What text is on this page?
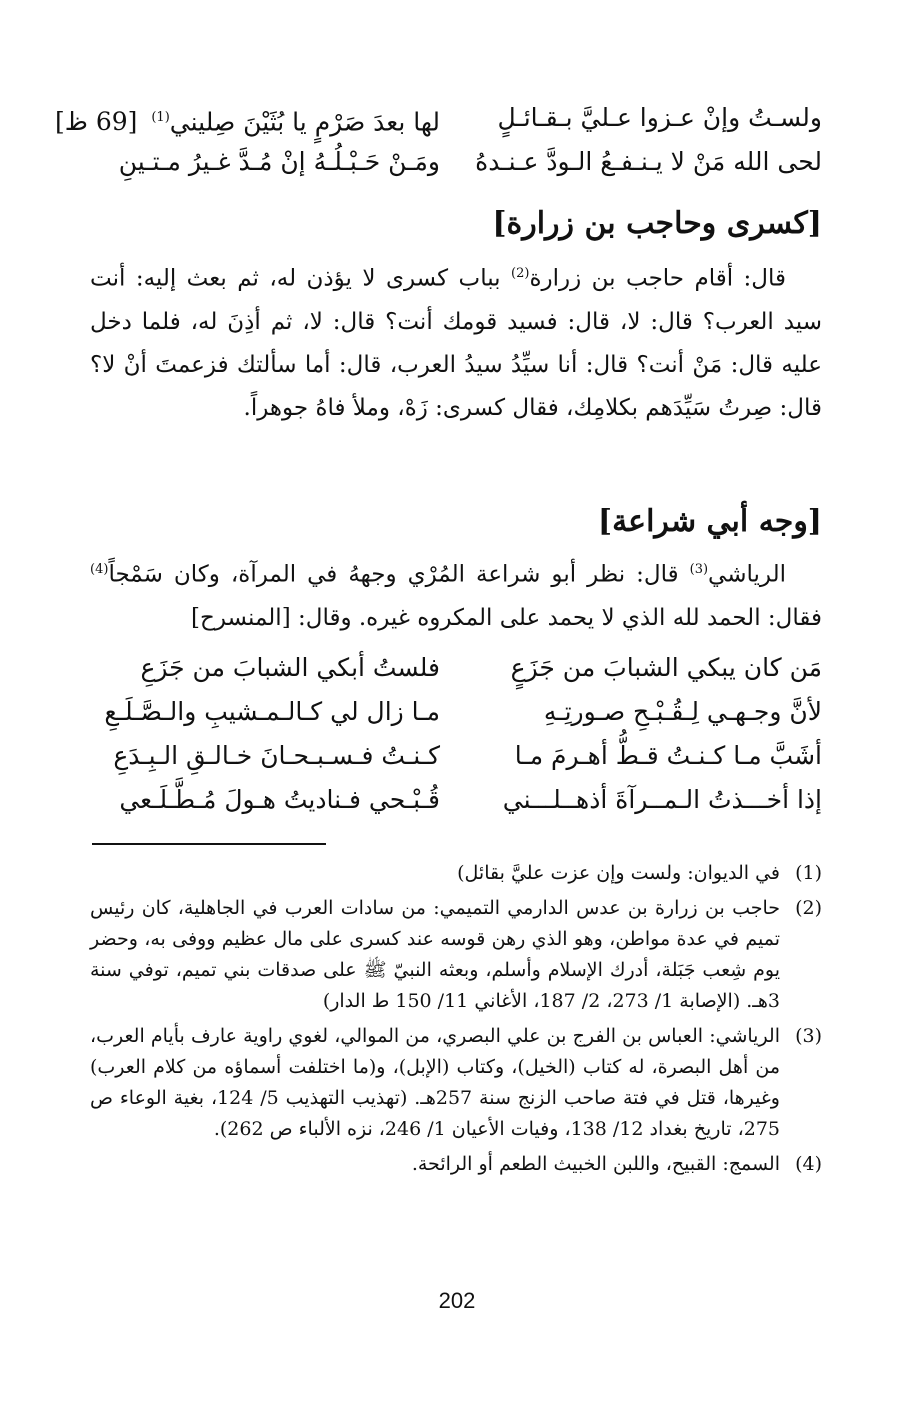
ولسـتُ وإنْ عـزوا عـليَّ بـقـائـلٍ
لها بعدَ صَرْمٍ يا بُثَيْنَ صِليني$^{(1)}$ [69 ظ]
لحى الله مَنْ لا يـنـفـعُ الـودَّ عـنـدهُ
ومَـنْ حَـبْـلُـهُ إنْ مُـدَّ غـيرُ مـتـينِ
[كسرى وحاجب بن زرارة]

قال: أقام حاجب بن زرارة$^{(2)}$ بباب كسرى لا يؤذن له، ثم بعث إليه: أنت سيد العرب؟ قال: لا، قال: فسيد قومك أنت؟ قال: لا، ثم أذِنَ له، فلما دخل عليه قال: مَنْ أنت؟ قال: أنا سيِّدُ سيدُ العرب، قال: أما سألتك فزعمتَ أنْ لا؟ قال: صِرتُ سَيِّدَهم بكلامِك، فقال كسرى: زَهْ، وملأ فاهُ جوهراً.

[وجه أبي شراعة]

الرياشي$^{(3)}$ قال: نظر أبو شراعة المُرْي وجههُ في المرآة، وكان سَمْجاً$^{(4)}$ فقال: الحمد لله الذي لا يحمد على المكروه غيره. وقال: [المنسرح]

مَن كان يبكي الشبابَ من جَزَعٍ
فلستُ أبكي الشبابَ من جَزَعِ
لأنَّ وجـهـي لِـقُـبْـحِ صـورتِـهِ
مـا زال لي كـالـمـشيبِ والـصَّـلَـعِ
أشَبَّ مـا كـنـتُ قـطُّ أهـرمَ مـا
كـنـتُ فـسـبـحـانَ خـالـقِ الـبِـدَعِ
إذا أخـــذتُ الـمــرآةَ أذهــلـــني
قُـبْـحي فـناديتُ هـولَ مُـطَّـلَـعي
(1)
في الديوان: ولست وإن عزت عليَّ بقائل)
(2)
حاجب بن زرارة بن عدس الدارمي التميمي: من سادات العرب في الجاهلية، كان رئيس تميم في عدة مواطن، وهو الذي رهن قوسه عند كسرى على مال عظيم ووفى به، وحضر يوم شِعب جَبَلة، أدرك الإسلام وأسلم، وبعثه النبيّ ﷺ على صدقات بني تميم، توفي سنة 3هـ. (الإصابة 1/ 273، 2/ 187، الأغاني 11/ 150 ط الدار)
(3)
الرياشي: العباس بن الفرج بن علي البصري، من الموالي، لغوي راوية عارف بأيام العرب، من أهل البصرة، له كتاب (الخيل)، وكتاب (الإبل)، و(ما اختلفت أسماؤه من كلام العرب) وغيرها، قتل في فتة صاحب الزنج سنة 257هـ. (تهذيب التهذيب 5/ 124، بغية الوعاء ص 275، تاريخ بغداد 12/ 138، وفيات الأعيان 1/ 246، نزه الألباء ص 262).
(4)
السمج: القبيح، واللبن الخبيث الطعم أو الرائحة.
202
